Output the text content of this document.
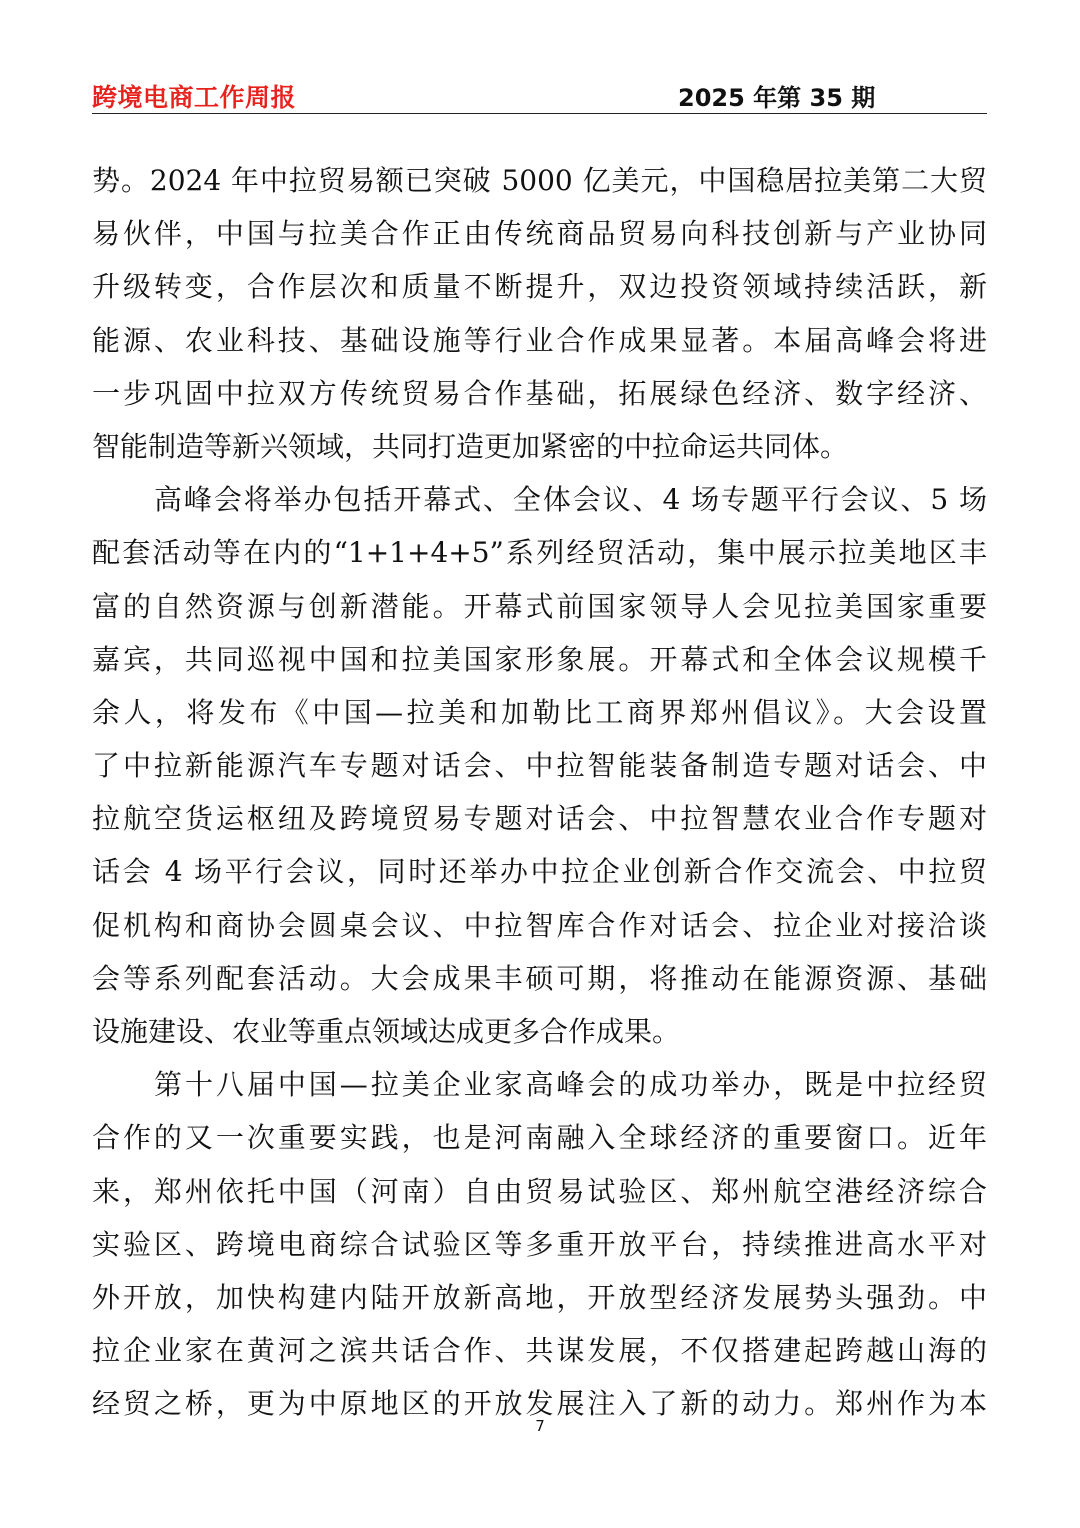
跨境电商工作周报	2025 年第 35 期
势。2024 年中拉贸易额已突破 5000 亿美元，中国稳居拉美第二大贸
易伙伴，中国与拉美合作正由传统商品贸易向科技创新与产业协同
升级转变，合作层次和质量不断提升，双边投资领域持续活跃，新
能源、农业科技、基础设施等行业合作成果显著。本届高峰会将进
一步巩固中拉双方传统贸易合作基础，拓展绿色经济、数字经济、
智能制造等新兴领域，共同打造更加紧密的中拉命运共同体。
高峰会将举办包括开幕式、全体会议、4 场专题平行会议、5 场
配套活动等在内的“1+1+4+5”系列经贸活动，集中展示拉美地区丰
富的自然资源与创新潜能。开幕式前国家领导人会见拉美国家重要
嘉宾，共同巡视中国和拉美国家形象展。开幕式和全体会议规模千
余人，将发布《中国—拉美和加勒比工商界郑州倡议》。大会设置
了中拉新能源汽车专题对话会、中拉智能装备制造专题对话会、中
拉航空货运枢纽及跨境贸易专题对话会、中拉智慧农业合作专题对
话会 4 场平行会议，同时还举办中拉企业创新合作交流会、中拉贸
促机构和商协会圆桌会议、中拉智库合作对话会、拉企业对接洽谈
会等系列配套活动。大会成果丰硕可期，将推动在能源资源、基础
设施建设、农业等重点领域达成更多合作成果。
第十八届中国—拉美企业家高峰会的成功举办，既是中拉经贸
合作的又一次重要实践，也是河南融入全球经济的重要窗口。近年
来，郑州依托中国（河南）自由贸易试验区、郑州航空港经济综合
实验区、跨境电商综合试验区等多重开放平台，持续推进高水平对
外开放，加快构建内陆开放新高地，开放型经济发展势头强劲。中
拉企业家在黄河之滨共话合作、共谋发展，不仅搭建起跨越山海的
经贸之桥，更为中原地区的开放发展注入了新的动力。郑州作为本
7
